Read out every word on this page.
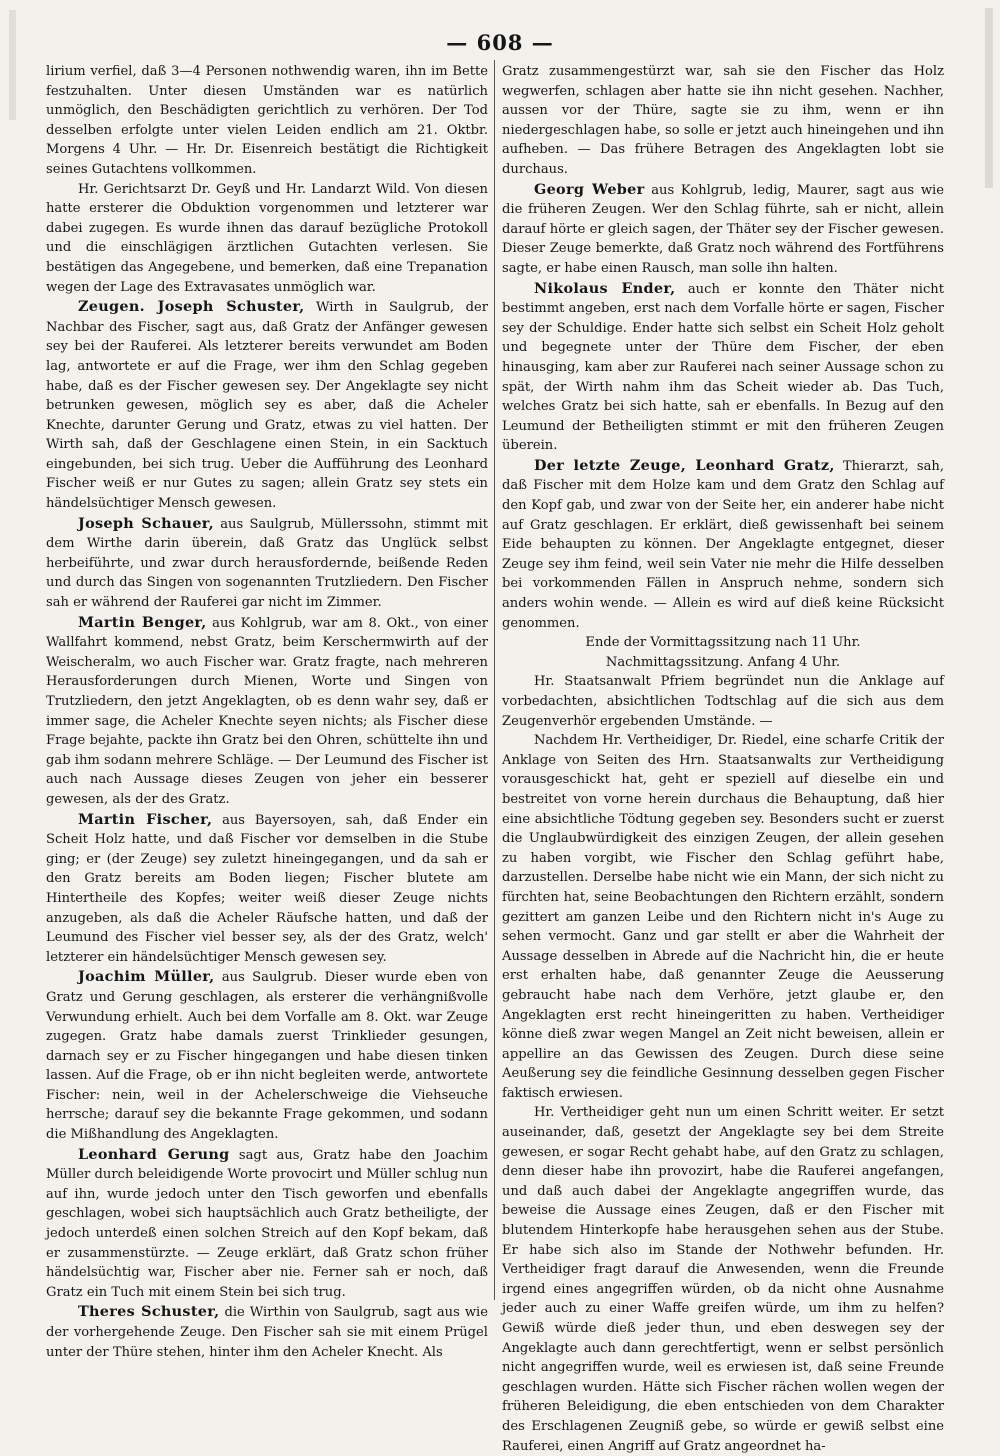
— 608 —

lirium verfiel, daß 3—4 Personen nothwendig waren, ihn im Bette festzuhalten. Unter diesen Umständen war es natürlich unmöglich, den Beschädigten gerichtlich zu verhören. Der Tod desselben erfolgte unter vielen Leiden endlich am 21. Oktbr. Morgens 4 Uhr. — Hr. Dr. Eisenreich bestätigt die Richtigkeit seines Gutachtens vollkommen.

Hr. Gerichtsarzt Dr. Geyß und Hr. Landarzt Wild. Von diesen hatte ersterer die Obduktion vorgenommen und letzterer war dabei zugegen. Es wurde ihnen das darauf bezügliche Protokoll und die einschlägigen ärztlichen Gutachten verlesen. Sie bestätigen das Angegebene, und bemerken, daß eine Trepanation wegen der Lage des Extravasates unmöglich war.

Zeugen. Joseph Schuster, Wirth in Saulgrub, der Nachbar des Fischer, sagt aus, daß Gratz der Anfänger gewesen sey bei der Rauferei. Als letzterer bereits verwundet am Boden lag, antwortete er auf die Frage, wer ihm den Schlag gegeben habe, daß es der Fischer gewesen sey. Der Angeklagte sey nicht betrunken gewesen, möglich sey es aber, daß die Acheler Knechte, darunter Gerung und Gratz, etwas zu viel hatten. Der Wirth sah, daß der Geschlagene einen Stein, in ein Sacktuch eingebunden, bei sich trug. Ueber die Aufführung des Leonhard Fischer weiß er nur Gutes zu sagen; allein Gratz sey stets ein händelsüchtiger Mensch gewesen.

Joseph Schauer, aus Saulgrub, Müllerssohn, stimmt mit dem Wirthe darin überein, daß Gratz das Unglück selbst herbeiführte, und zwar durch herausfordernde, beißende Reden und durch das Singen von sogenannten Trutzliedern. Den Fischer sah er während der Rauferei gar nicht im Zimmer.

Martin Benger, aus Kohlgrub, war am 8. Okt., von einer Wallfahrt kommend, nebst Gratz, beim Kerschermwirth auf der Weischeralm, wo auch Fischer war. Gratz fragte, nach mehreren Herausforderungen durch Mienen, Worte und Singen von Trutzliedern, den jetzt Angeklagten, ob es denn wahr sey, daß er immer sage, die Acheler Knechte seyen nichts; als Fischer diese Frage bejahte, packte ihn Gratz bei den Ohren, schüttelte ihn und gab ihm sodann mehrere Schläge. — Der Leumund des Fischer ist auch nach Aussage dieses Zeugen von jeher ein besserer gewesen, als der des Gratz.

Martin Fischer, aus Bayersoyen, sah, daß Ender ein Scheit Holz hatte, und daß Fischer vor demselben in die Stube ging; er (der Zeuge) sey zuletzt hineingegangen, und da sah er den Gratz bereits am Boden liegen; Fischer blutete am Hintertheile des Kopfes; weiter weiß dieser Zeuge nichts anzugeben, als daß die Acheler Räufsche hatten, und daß der Leumund des Fischer viel besser sey, als der des Gratz, welch' letzterer ein händelsüchtiger Mensch gewesen sey.

Joachim Müller, aus Saulgrub. Dieser wurde eben von Gratz und Gerung geschlagen, als ersterer die verhängnißvolle Verwundung erhielt. Auch bei dem Vorfalle am 8. Okt. war Zeuge zugegen. Gratz habe damals zuerst Trinklieder gesungen, darnach sey er zu Fischer hingegangen und habe diesen tinken lassen. Auf die Frage, ob er ihn nicht begleiten werde, antwortete Fischer: nein, weil in der Achelerschweige die Viehseuche herrsche; darauf sey die bekannte Frage gekommen, und sodann die Mißhandlung des Angeklagten.

Leonhard Gerung sagt aus, Gratz habe den Joachim Müller durch beleidigende Worte provocirt und Müller schlug nun auf ihn, wurde jedoch unter den Tisch geworfen und ebenfalls geschlagen, wobei sich hauptsächlich auch Gratz betheiligte, der jedoch unterdeß einen solchen Streich auf den Kopf bekam, daß er zusammenstürzte. — Zeuge erklärt, daß Gratz schon früher händelsüchtig war, Fischer aber nie. Ferner sah er noch, daß Gratz ein Tuch mit einem Stein bei sich trug.

Theres Schuster, die Wirthin von Saulgrub, sagt aus wie der vorhergehende Zeuge. Den Fischer sah sie mit einem Prügel unter der Thüre stehen, hinter ihm den Acheler Knecht. Als

Gratz zusammengestürzt war, sah sie den Fischer das Holz wegwerfen, schlagen aber hatte sie ihn nicht gesehen. Nachher, aussen vor der Thüre, sagte sie zu ihm, wenn er ihn niedergeschlagen habe, so solle er jetzt auch hineingehen und ihn aufheben. — Das frühere Betragen des Angeklagten lobt sie durchaus.

Georg Weber aus Kohlgrub, ledig, Maurer, sagt aus wie die früheren Zeugen. Wer den Schlag führte, sah er nicht, allein darauf hörte er gleich sagen, der Thäter sey der Fischer gewesen. Dieser Zeuge bemerkte, daß Gratz noch während des Fortführens sagte, er habe einen Rausch, man solle ihn halten.

Nikolaus Ender, auch er konnte den Thäter nicht bestimmt angeben, erst nach dem Vorfalle hörte er sagen, Fischer sey der Schuldige. Ender hatte sich selbst ein Scheit Holz geholt und begegnete unter der Thüre dem Fischer, der eben hinausging, kam aber zur Rauferei nach seiner Aussage schon zu spät, der Wirth nahm ihm das Scheit wieder ab. Das Tuch, welches Gratz bei sich hatte, sah er ebenfalls. In Bezug auf den Leumund der Betheiligten stimmt er mit den früheren Zeugen überein.

Der letzte Zeuge, Leonhard Gratz, Thierarzt, sah, daß Fischer mit dem Holze kam und dem Gratz den Schlag auf den Kopf gab, und zwar von der Seite her, ein anderer habe nicht auf Gratz geschlagen. Er erklärt, dieß gewissenhaft bei seinem Eide behaupten zu können. Der Angeklagte entgegnet, dieser Zeuge sey ihm feind, weil sein Vater nie mehr die Hilfe desselben bei vorkommenden Fällen in Anspruch nehme, sondern sich anders wohin wende. — Allein es wird auf dieß keine Rücksicht genommen.

Ende der Vormittagssitzung nach 11 Uhr.

Nachmittagssitzung. Anfang 4 Uhr.

Hr. Staatsanwalt Pfriem begründet nun die Anklage auf vorbedachten, absichtlichen Todtschlag auf die sich aus dem Zeugenverhör ergebenden Umstände. —

Nachdem Hr. Vertheidiger, Dr. Riedel, eine scharfe Critik der Anklage von Seiten des Hrn. Staatsanwalts zur Vertheidigung vorausgeschickt hat, geht er speziell auf dieselbe ein und bestreitet von vorne herein durchaus die Behauptung, daß hier eine absichtliche Tödtung gegeben sey. Besonders sucht er zuerst die Unglaubwürdigkeit des einzigen Zeugen, der allein gesehen zu haben vorgibt, wie Fischer den Schlag geführt habe, darzustellen. Derselbe habe nicht wie ein Mann, der sich nicht zu fürchten hat, seine Beobachtungen den Richtern erzählt, sondern gezittert am ganzen Leibe und den Richtern nicht in's Auge zu sehen vermocht. Ganz und gar stellt er aber die Wahrheit der Aussage desselben in Abrede auf die Nachricht hin, die er heute erst erhalten habe, daß genannter Zeuge die Aeusserung gebraucht habe nach dem Verhöre, jetzt glaube er, den Angeklagten erst recht hineingeritten zu haben. Vertheidiger könne dieß zwar wegen Mangel an Zeit nicht beweisen, allein er appellire an das Gewissen des Zeugen. Durch diese seine Aeußerung sey die feindliche Gesinnung desselben gegen Fischer faktisch erwiesen.

Hr. Vertheidiger geht nun um einen Schritt weiter. Er setzt auseinander, daß, gesetzt der Angeklagte sey bei dem Streite gewesen, er sogar Recht gehabt habe, auf den Gratz zu schlagen, denn dieser habe ihn provozirt, habe die Rauferei angefangen, und daß auch dabei der Angeklagte angegriffen wurde, das beweise die Aussage eines Zeugen, daß er den Fischer mit blutendem Hinterkopfe habe herausgehen sehen aus der Stube. Er habe sich also im Stande der Nothwehr befunden. Hr. Vertheidiger fragt darauf die Anwesenden, wenn die Freunde irgend eines angegriffen würden, ob da nicht ohne Ausnahme jeder auch zu einer Waffe greifen würde, um ihm zu helfen? Gewiß würde dieß jeder thun, und eben deswegen sey der Angeklagte auch dann gerechtfertigt, wenn er selbst persönlich nicht angegriffen wurde, weil es erwiesen ist, daß seine Freunde geschlagen wurden. Hätte sich Fischer rächen wollen wegen der früheren Beleidigung, die eben entschieden von dem Charakter des Erschlagenen Zeugniß gebe, so würde er gewiß selbst eine Rauferei, einen Angriff auf Gratz angeordnet ha-
